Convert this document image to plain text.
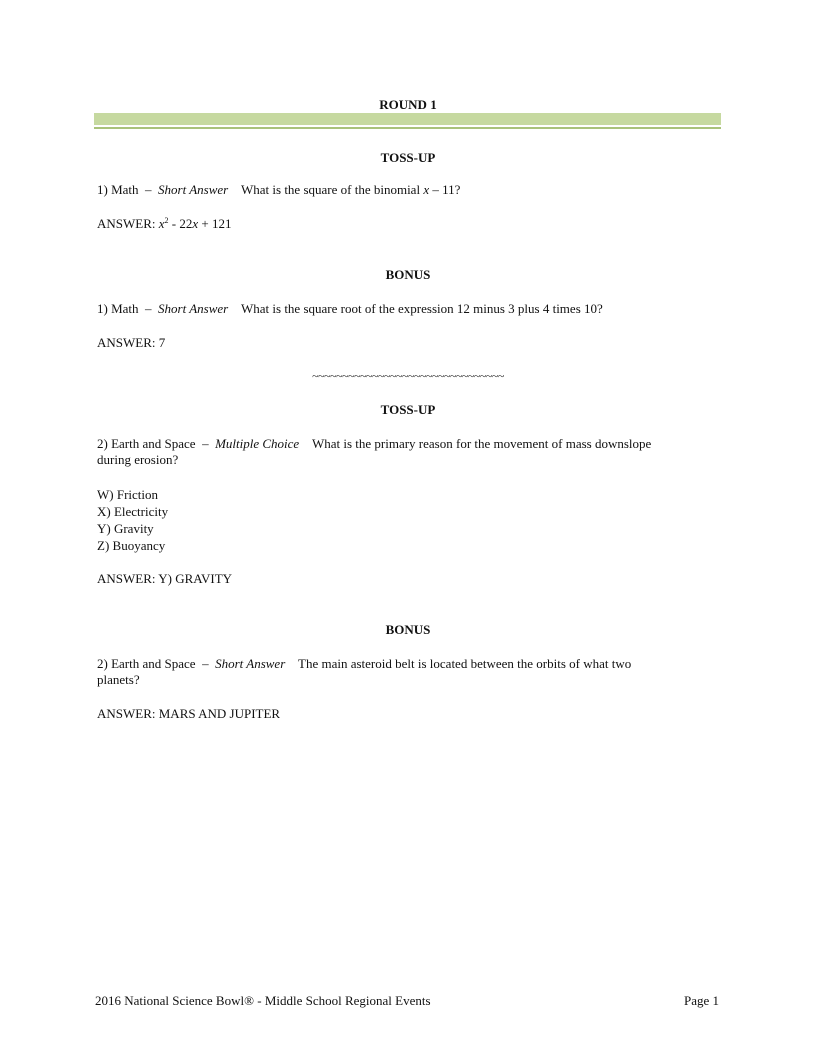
ROUND 1
TOSS-UP
1) Math – Short Answer What is the square of the binomial x – 11?
ANSWER: $x^2 - 22x + 121$
BONUS
1) Math – Short Answer What is the square root of the expression 12 minus 3 plus 4 times 10?
ANSWER: 7
~~~~~~~~~~~~~~~~~~~~~~~~~~~~~~~~
TOSS-UP
2) Earth and Space – Multiple Choice What is the primary reason for the movement of mass downslope
during erosion?
W) Friction
X) Electricity
Y) Gravity
Z) Buoyancy
ANSWER: Y) GRAVITY
BONUS
2) Earth and Space – Short Answer The main asteroid belt is located between the orbits of what two
planets?
ANSWER: MARS AND JUPITER
2016 National Science Bowl® - Middle School Regional Events	Page 1
